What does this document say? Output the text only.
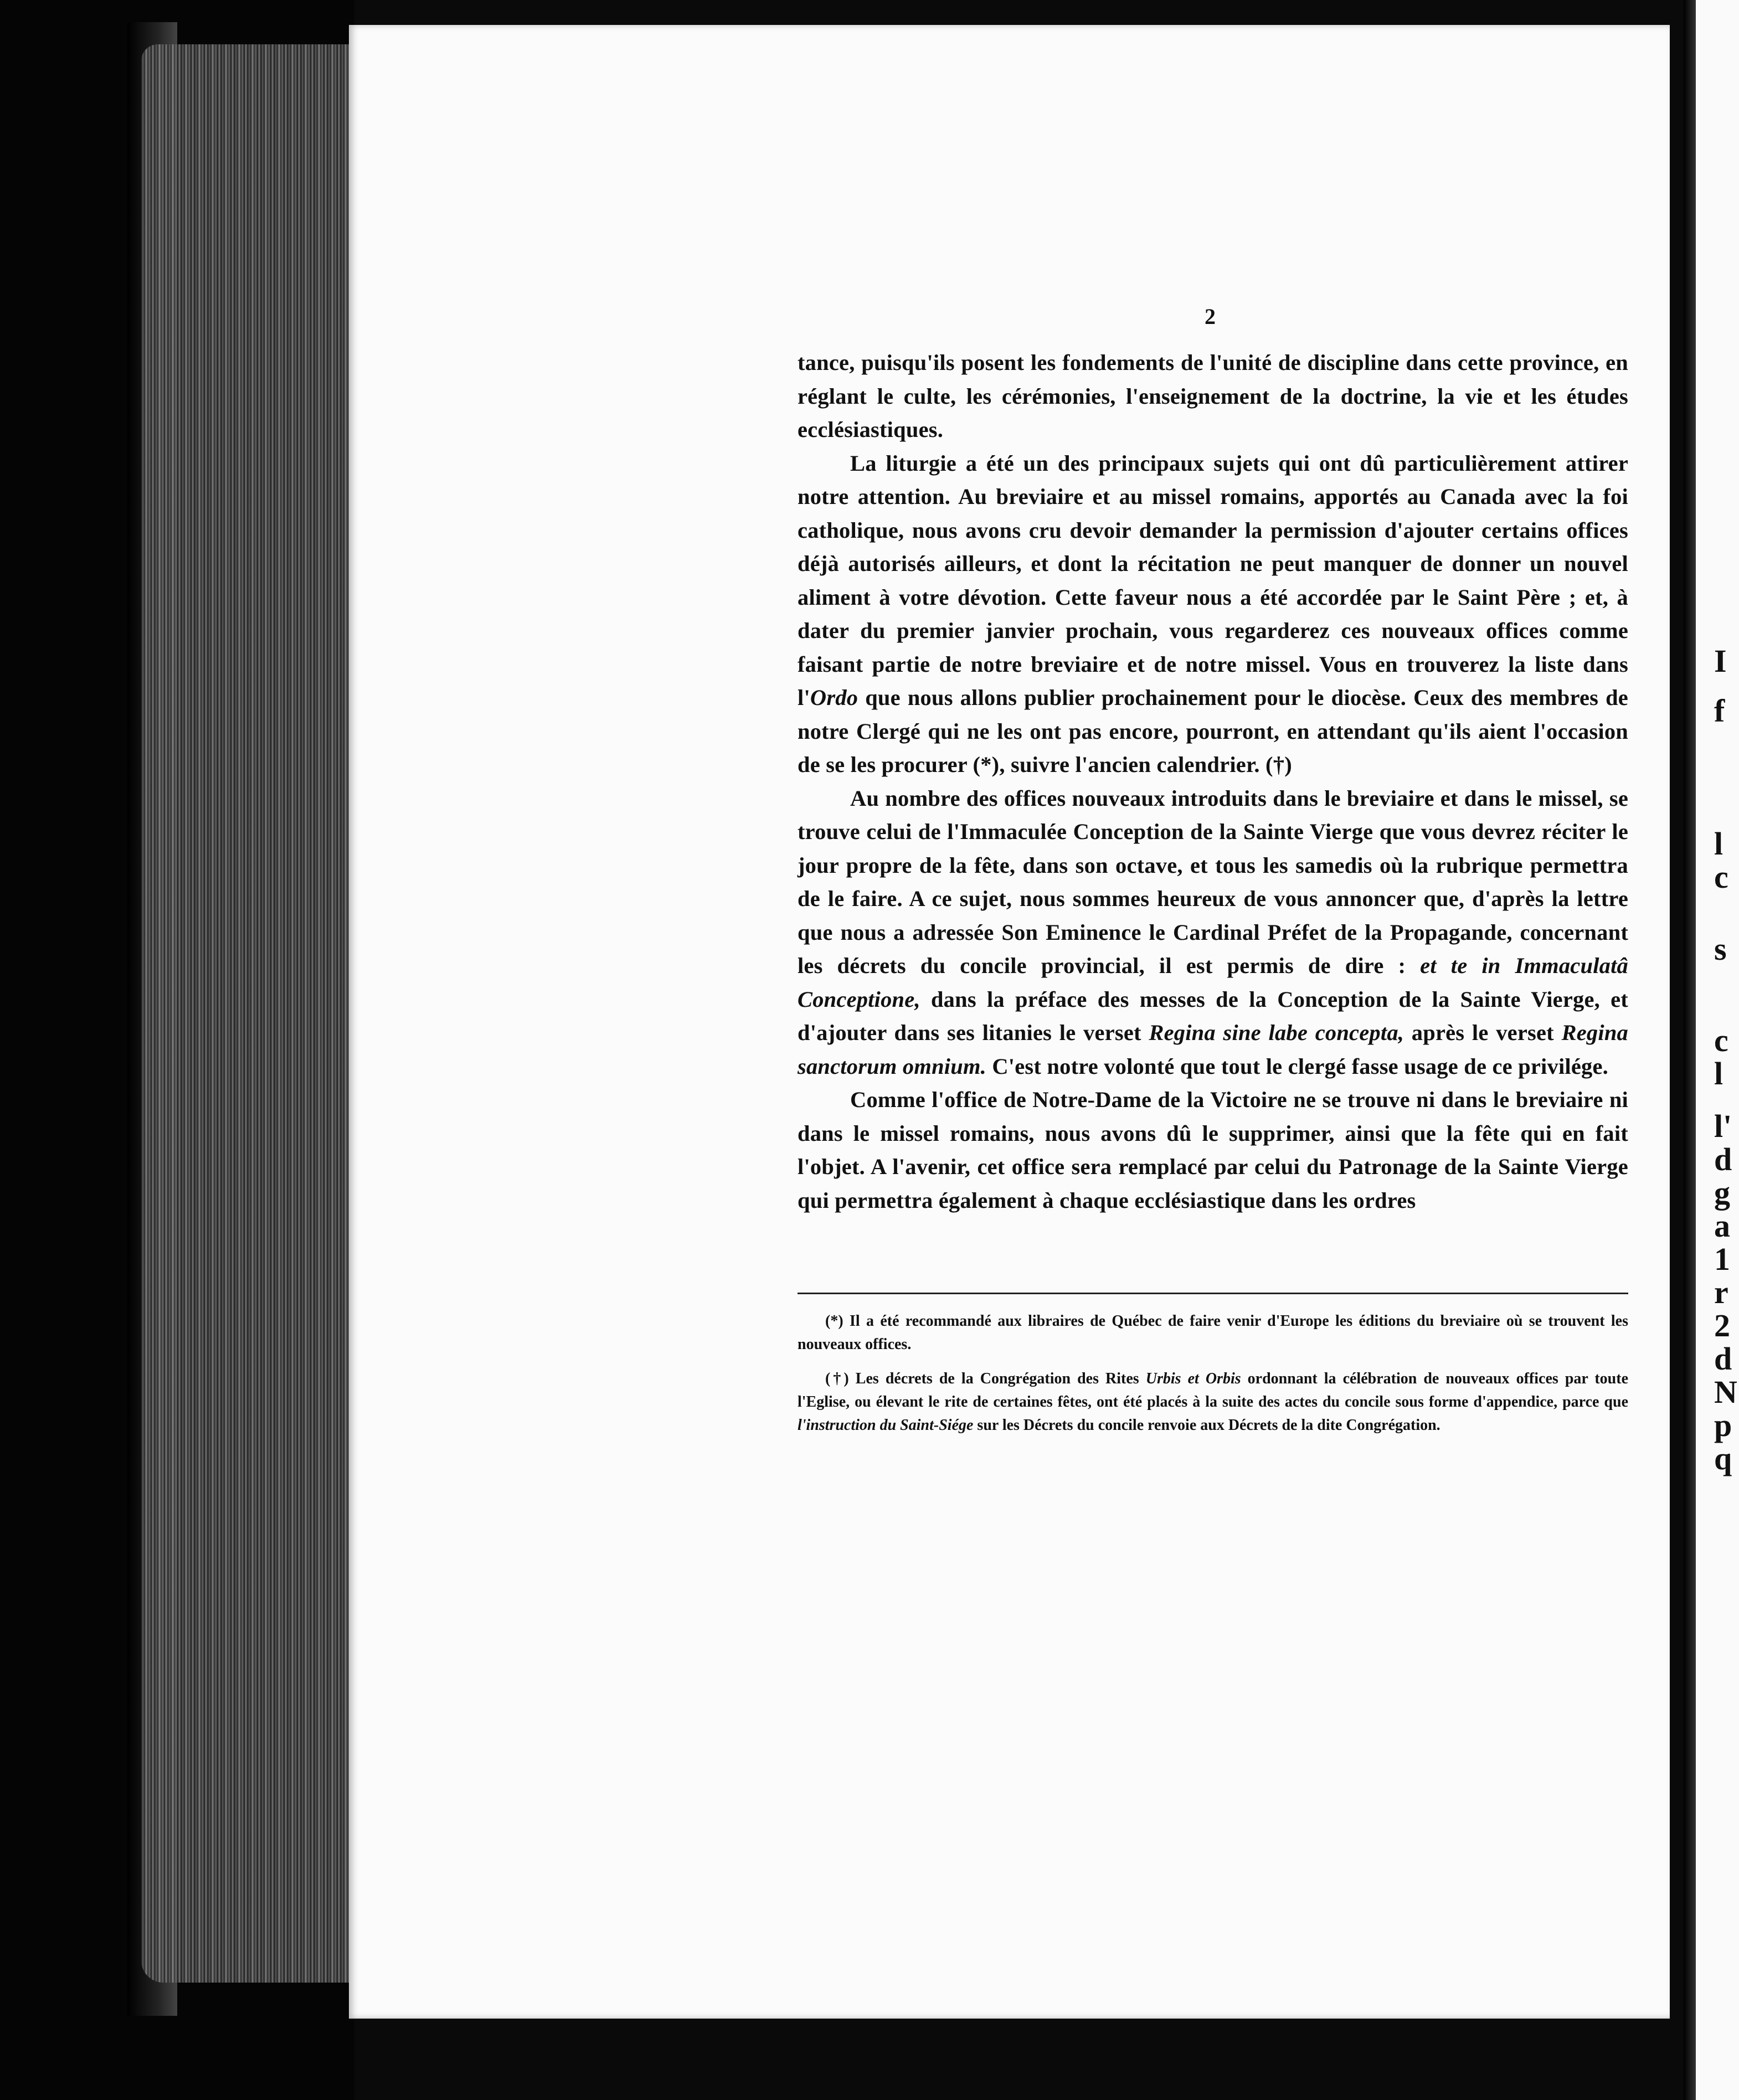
I
f
l
c
s
c
l
l'
d
g
a
1
r
2
d
N
p
q
2

tance, puisqu'ils posent les fondements de l'unité de discipline dans cette province, en réglant le culte, les cérémonies, l'enseignement de la doctrine, la vie et les études ecclésiastiques.

La liturgie a été un des principaux sujets qui ont dû particulièrement attirer notre attention. Au breviaire et au missel romains, apportés au Canada avec la foi catholique, nous avons cru devoir demander la permission d'ajouter certains offices déjà autorisés ailleurs, et dont la récitation ne peut manquer de donner un nouvel aliment à votre dévotion. Cette faveur nous a été accordée par le Saint Père ; et, à dater du premier janvier prochain, vous regarderez ces nouveaux offices comme faisant partie de notre breviaire et de notre missel. Vous en trouverez la liste dans l'Ordo que nous allons publier prochainement pour le diocèse. Ceux des membres de notre Clergé qui ne les ont pas encore, pourront, en attendant qu'ils aient l'occasion de se les procurer (*), suivre l'ancien calendrier. (†)

Au nombre des offices nouveaux introduits dans le breviaire et dans le missel, se trouve celui de l'Immaculée Conception de la Sainte Vierge que vous devrez réciter le jour propre de la fête, dans son octave, et tous les samedis où la rubrique permettra de le faire. A ce sujet, nous sommes heureux de vous annoncer que, d'après la lettre que nous a adressée Son Eminence le Cardinal Préfet de la Propagande, concernant les décrets du concile provincial, il est permis de dire : et te in Immaculatâ Conceptione, dans la préface des messes de la Conception de la Sainte Vierge, et d'ajouter dans ses litanies le verset Regina sine labe concepta, après le verset Regina sanctorum omnium. C'est notre volonté que tout le clergé fasse usage de ce privilége.

Comme l'office de Notre-Dame de la Victoire ne se trouve ni dans le breviaire ni dans le missel romains, nous avons dû le supprimer, ainsi que la fête qui en fait l'objet. A l'avenir, cet office sera remplacé par celui du Patronage de la Sainte Vierge qui permettra également à chaque ecclésiastique dans les ordres

(*) Il a été recommandé aux libraires de Québec de faire venir d'Europe les éditions du breviaire où se trouvent les nouveaux offices.

(†) Les décrets de la Congrégation des Rites Urbis et Orbis ordonnant la célébration de nouveaux offices par toute l'Eglise, ou élevant le rite de certaines fêtes, ont été placés à la suite des actes du concile sous forme d'appendice, parce que l'instruction du Saint-Siége sur les Décrets du concile renvoie aux Décrets de la dite Congrégation.
